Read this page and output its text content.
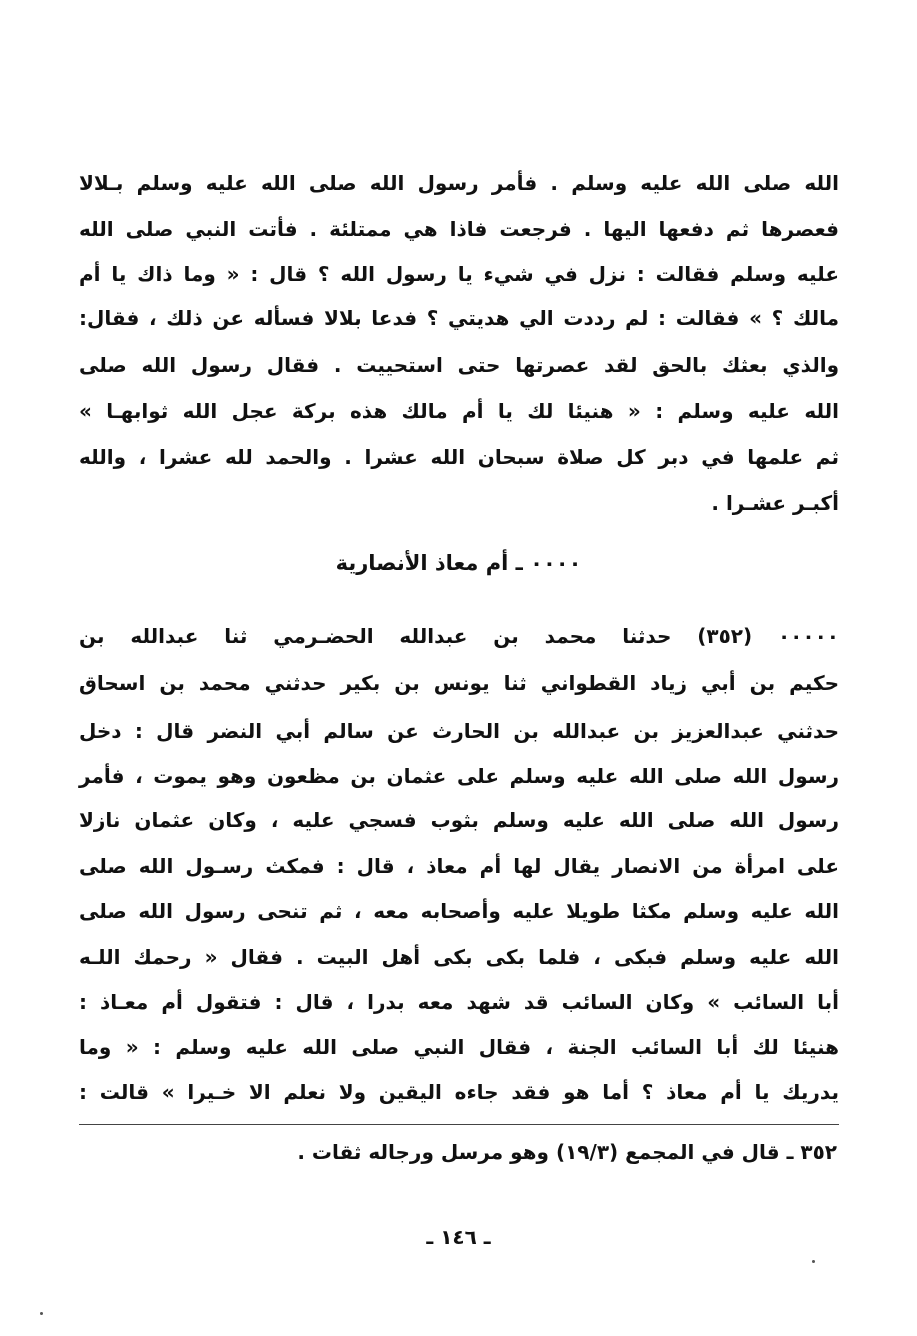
الله صلى الله عليه وسلم . فأمر رسول الله صلى الله عليه وسلم بـلالا
فعصرها ثم دفعها اليها . فرجعت فاذا هي ممتلئة . فأتت النبي صلى الله
عليه وسلم فقالت : نزل في شيء يا رسول الله ؟ قال : « وما ذاك يا أم
مالك ؟ » فقالت : لم رددت الي هديتي ؟ فدعا بلالا فسأله عن ذلك ، فقال:
والذي بعثك بالحق لقد عصرتها حتى استحييت . فقال رسول الله صلى
الله عليه وسلم : « هنيئا لك يا أم مالك هذه بركة عجل الله ثوابهـا »
ثم علمها في دبر كل صلاة سبحان الله عشرا . والحمد لله عشرا ، والله
أكبـر عشـرا .
۰۰۰۰ ـ أم معاذ الأنصارية
۰۰۰۰۰ (٣٥٢) حدثنا محمد بن عبدالله الحضـرمي ثنا عبدالله بن
حكيم بن أبي زياد القطواني ثنا يونس بن بكير حدثني محمد بن اسحاق
حدثني عبدالعزيز بن عبدالله بن الحارث عن سالم أبي النضر قال : دخل
رسول الله صلى الله عليه وسلم على عثمان بن مظعون وهو يموت ، فأمر
رسول الله صلى الله عليه وسلم بثوب فسجي عليه ، وكان عثمان نازلا
على امرأة من الانصار يقال لها أم معاذ ، قال : فمكث رسـول الله صلى
الله عليه وسلم مكثا طويلا عليه وأصحابه معه ، ثم تنحى رسول الله صلى
الله عليه وسلم فبكى ، فلما بكى بكى أهل البيت . فقال « رحمك اللـه
أبا السائب » وكان السائب قد شهد معه بدرا ، قال : فتقول أم معـاذ :
هنيئا لك أبا السائب الجنة ، فقال النبي صلى الله عليه وسلم : « وما
يدريك يا أم معاذ ؟ أما هو فقد جاءه اليقين ولا نعلم الا خـيرا » قالت :
٣٥٢ ـ قال في المجمع (١٩/٣) وهو مرسل ورجاله ثقات .
ـ ١٤٦ ـ
